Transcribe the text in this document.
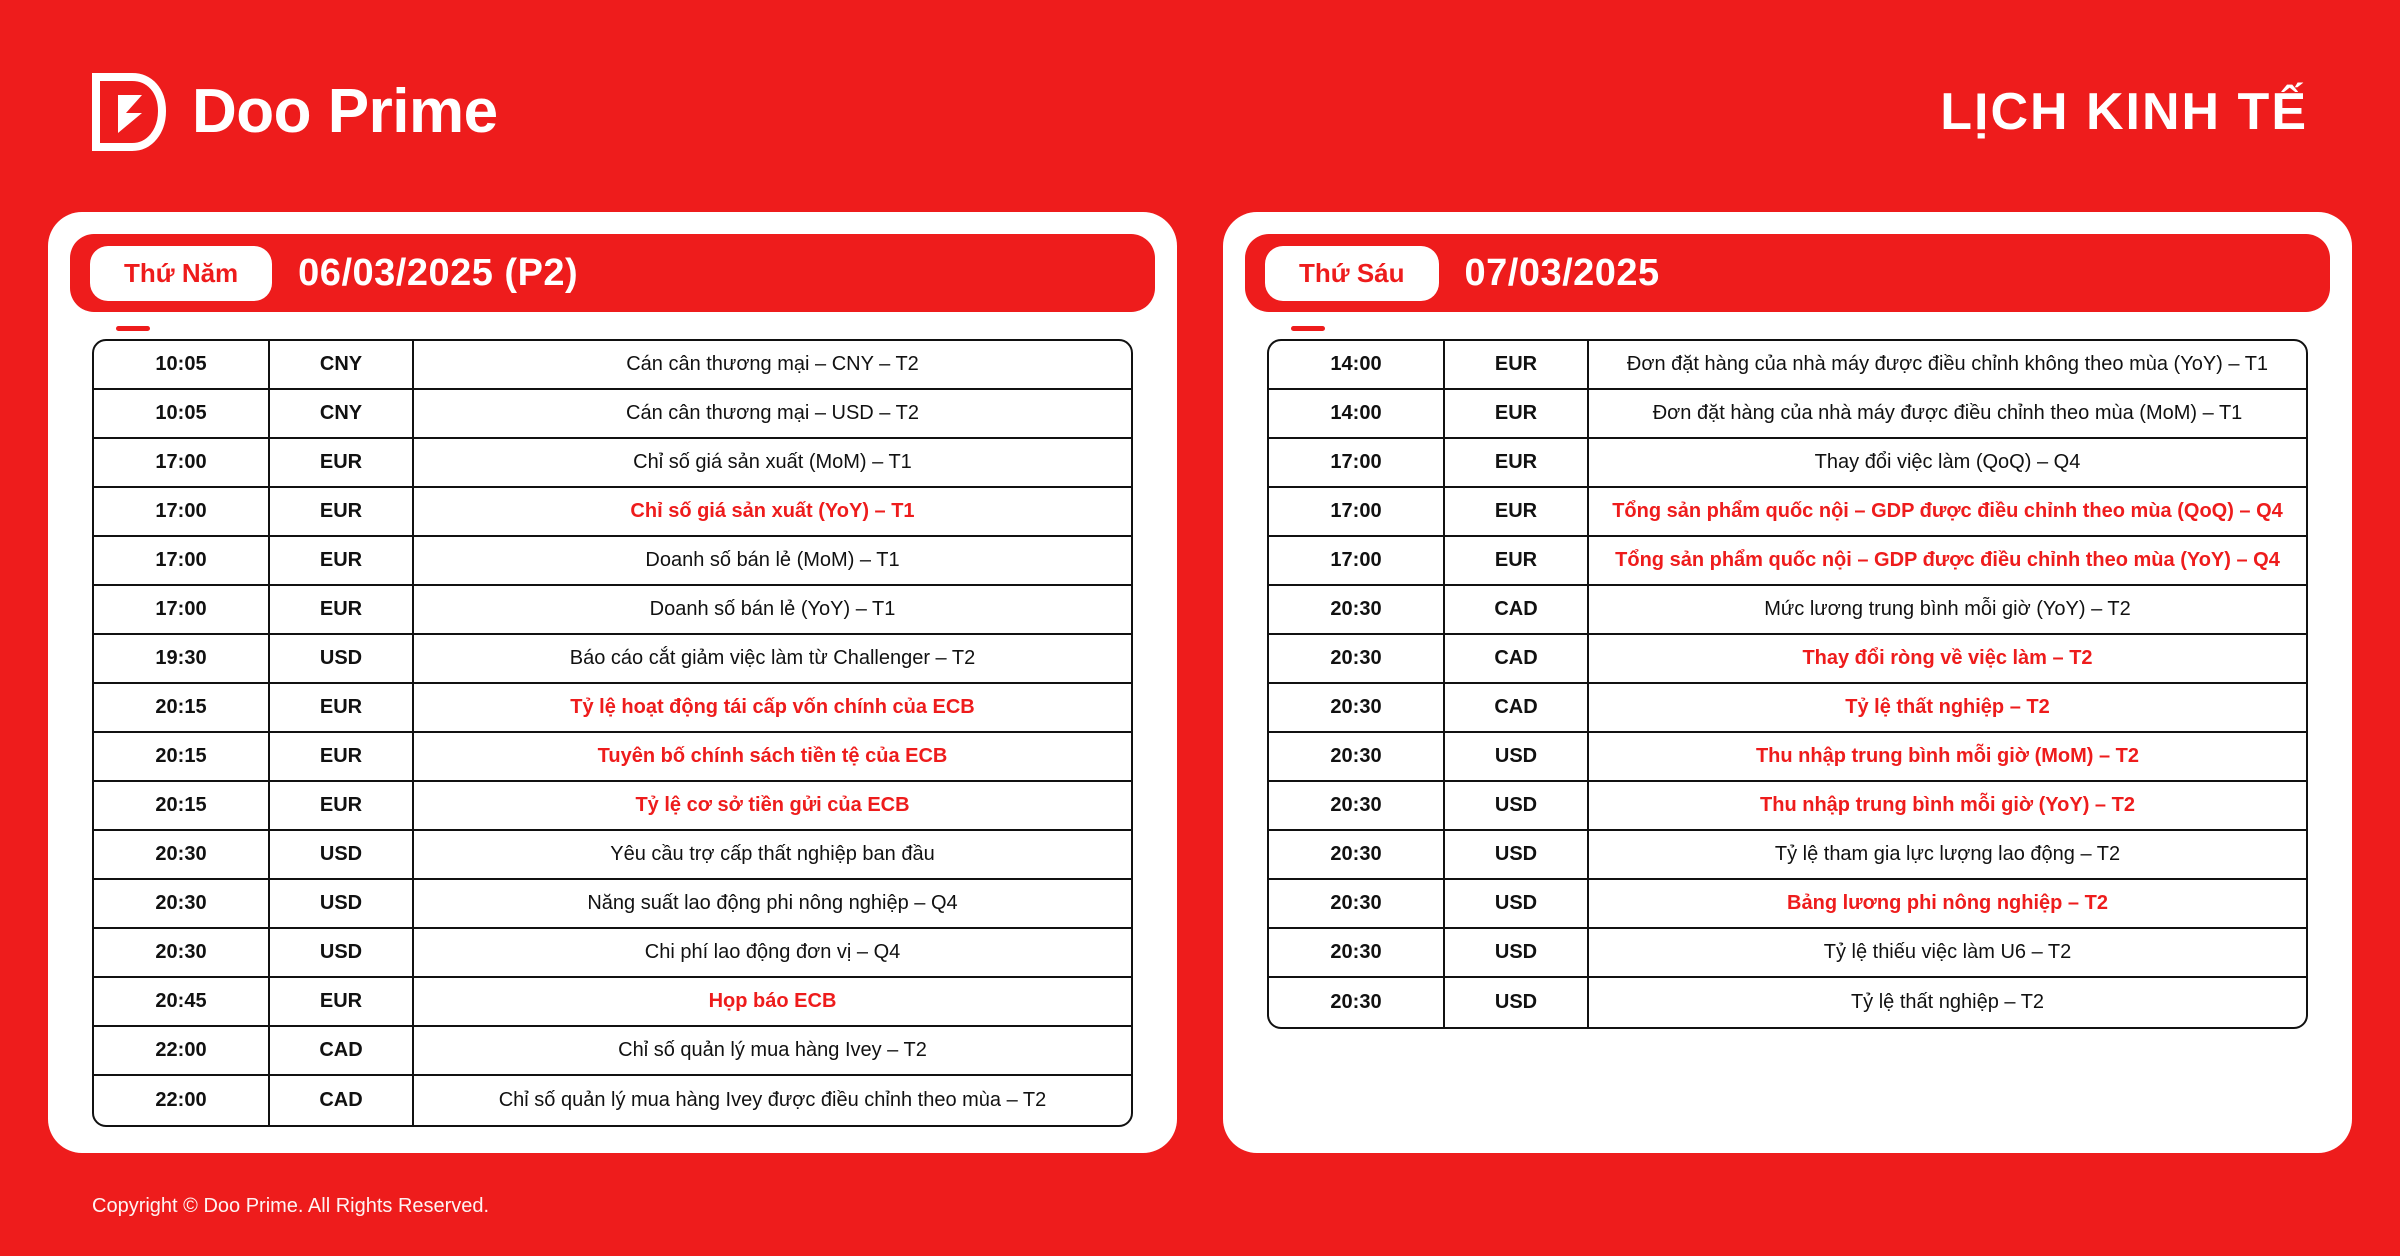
Doo Prime	LỊCH KINH TẾ
Thứ Năm	06/03/2025 (P2)
10:05	CNY	Cán cân thương mại – CNY – T2
10:05	CNY	Cán cân thương mại – USD – T2
17:00	EUR	Chỉ số giá sản xuất (MoM) – T1
17:00	EUR	Chỉ số giá sản xuất (YoY) – T1
17:00	EUR	Doanh số bán lẻ (MoM) – T1
17:00	EUR	Doanh số bán lẻ (YoY) – T1
19:30	USD	Báo cáo cắt giảm việc làm từ Challenger – T2
20:15	EUR	Tỷ lệ hoạt động tái cấp vốn chính của ECB
20:15	EUR	Tuyên bố chính sách tiền tệ của ECB
20:15	EUR	Tỷ lệ cơ sở tiền gửi của ECB
20:30	USD	Yêu cầu trợ cấp thất nghiệp ban đầu
20:30	USD	Năng suất lao động phi nông nghiệp – Q4
20:30	USD	Chi phí lao động đơn vị – Q4
20:45	EUR	Họp báo ECB
22:00	CAD	Chỉ số quản lý mua hàng Ivey – T2
22:00	CAD	Chỉ số quản lý mua hàng Ivey được điều chỉnh theo mùa – T2
Thứ Sáu	07/03/2025
14:00	EUR	Đơn đặt hàng của nhà máy được điều chỉnh không theo mùa (YoY) – T1
14:00	EUR	Đơn đặt hàng của nhà máy được điều chỉnh theo mùa (MoM) – T1
17:00	EUR	Thay đổi việc làm (QoQ) – Q4
17:00	EUR	Tổng sản phẩm quốc nội – GDP được điều chỉnh theo mùa (QoQ) – Q4
17:00	EUR	Tổng sản phẩm quốc nội – GDP được điều chỉnh theo mùa (YoY) – Q4
20:30	CAD	Mức lương trung bình mỗi giờ (YoY) – T2
20:30	CAD	Thay đổi ròng về việc làm – T2
20:30	CAD	Tỷ lệ thất nghiệp – T2
20:30	USD	Thu nhập trung bình mỗi giờ (MoM) – T2
20:30	USD	Thu nhập trung bình mỗi giờ (YoY) – T2
20:30	USD	Tỷ lệ tham gia lực lượng lao động – T2
20:30	USD	Bảng lương phi nông nghiệp – T2
20:30	USD	Tỷ lệ thiếu việc làm U6 – T2
20:30	USD	Tỷ lệ thất nghiệp – T2
Copyright © Doo Prime. All Rights Reserved.
